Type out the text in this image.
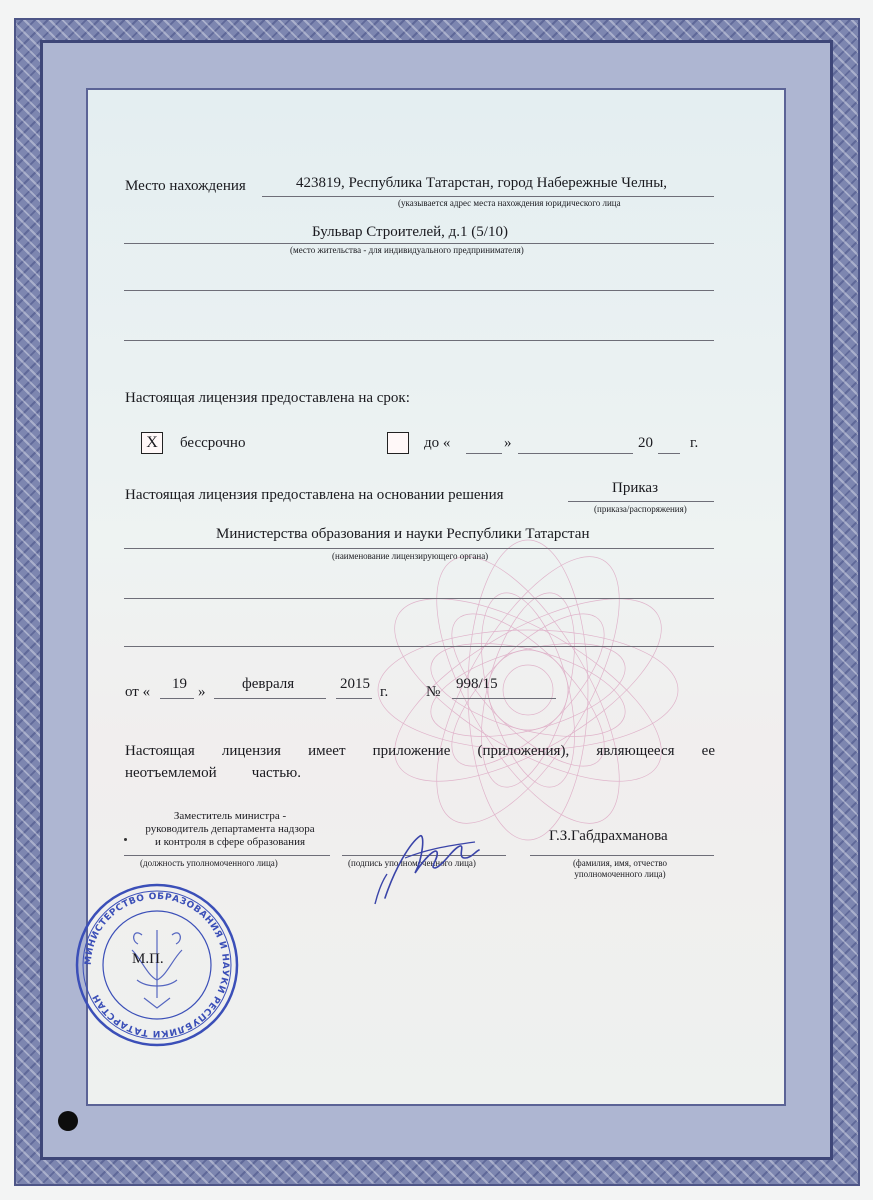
Место нахождения	423819, Республика Татарстан, город Набережные Челны,
(указывается адрес места нахождения юридического лица
Бульвар Строителей, д.1 (5/10)
(место жительства - для индивидуального предпринимателя)
Настоящая лицензия предоставлена на срок:
X	бессрочно	до «	»	20 г.
Настоящая лицензия предоставлена на основании решения	Приказ
(приказа/распоряжения)
Министерства образования и науки Республики Татарстан
(наименование лицензирующего органа)
от « 19 » февраля	2015 г.	№ 998/15
Настоящая лицензия имеет приложение (приложения), являющееся ее
неотъемлемой частью.
Заместитель министра -
руководитель департамента надзора
и контроля в сфере образования
(должность уполномоченного лица)	(подпись уполномоченного лица)
Г.З.Габдрахманова
(фамилия, имя, отчество
уполномоченного лица)
МИНИСТЕРСТВО ОБРАЗОВАНИЯ И НАУКИ РЕСПУБЛИКИ ТАТАРСТАН
М.П.
